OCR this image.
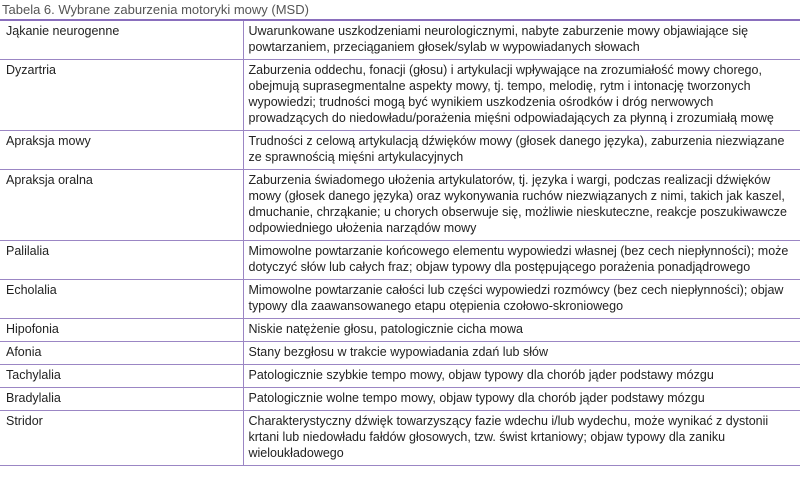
Tabela 6. Wybrane zaburzenia motoryki mowy (MSD)
Jąkanie neurogenne	Uwarunkowane uszkodzeniami neurologicznymi, nabyte zaburzenie mowy objawiające się powtarzaniem, przeciąganiem głosek/sylab w wypowiadanych słowach
Dyzartria	Zaburzenia oddechu, fonacji (głosu) i artykulacji wpływające na zrozumiałość mowy chorego, obejmują suprasegmentalne aspekty mowy, tj. tempo, melodię, rytm i intonację tworzonych wypowiedzi; trudności mogą być wynikiem uszkodzenia ośrodków i dróg nerwowych prowadzących do niedowładu/porażenia mięśni odpowiadających za płynną i zrozumiałą mowę
Apraksja mowy	Trudności z celową artykulacją dźwięków mowy (głosek danego języka), zaburzenia niezwiązane ze sprawnością mięśni artykulacyjnych
Apraksja oralna	Zaburzenia świadomego ułożenia artykulatorów, tj. języka i wargi, podczas realizacji dźwięków mowy (głosek danego języka) oraz wykonywania ruchów niezwiązanych z nimi, takich jak kaszel, dmuchanie, chrząkanie; u chorych obserwuje się, możliwie nieskuteczne, reakcje poszukiwawcze odpowiedniego ułożenia narządów mowy
Palilalia	Mimowolne powtarzanie końcowego elementu wypowiedzi własnej (bez cech niepłynności); może dotyczyć słów lub całych fraz; objaw typowy dla postępującego porażenia ponadjądrowego
Echolalia	Mimowolne powtarzanie całości lub części wypowiedzi rozmówcy (bez cech niepłynności); objaw typowy dla zaawansowanego etapu otępienia czołowo-skroniowego
Hipofonia	Niskie natężenie głosu, patologicznie cicha mowa
Afonia	Stany bezgłosu w trakcie wypowiadania zdań lub słów
Tachylalia	Patologicznie szybkie tempo mowy, objaw typowy dla chorób jąder podstawy mózgu
Bradylalia	Patologicznie wolne tempo mowy, objaw typowy dla chorób jąder podstawy mózgu
Stridor	Charakterystyczny dźwięk towarzyszący fazie wdechu i/lub wydechu, może wynikać z dystonii krtani lub niedowładu fałdów głosowych, tzw. świst krtaniowy; objaw typowy dla zaniku wieloukładowego
